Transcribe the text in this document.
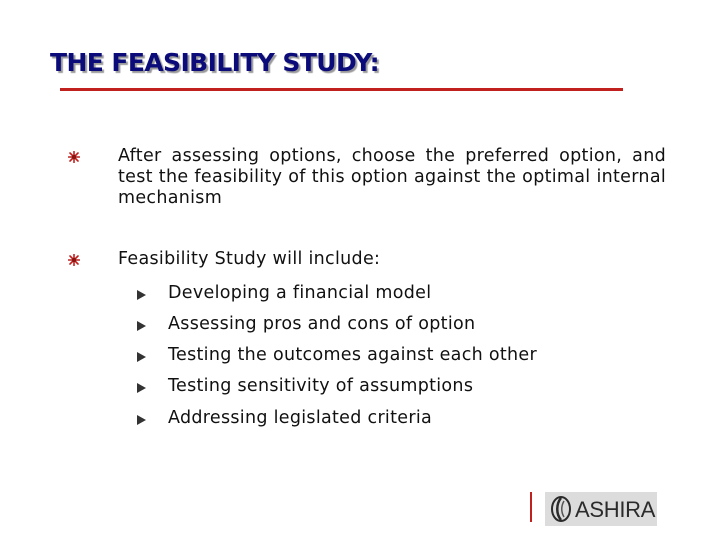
THE FEASIBILITY STUDY:
After assessing options, choose the preferred option, and test the feasibility of this option against the optimal internal mechanism
Feasibility Study will include:
Developing a financial model
Assessing pros and cons of option
Testing the outcomes against each other
Testing sensitivity of assumptions
Addressing legislated criteria
ASHIRA
